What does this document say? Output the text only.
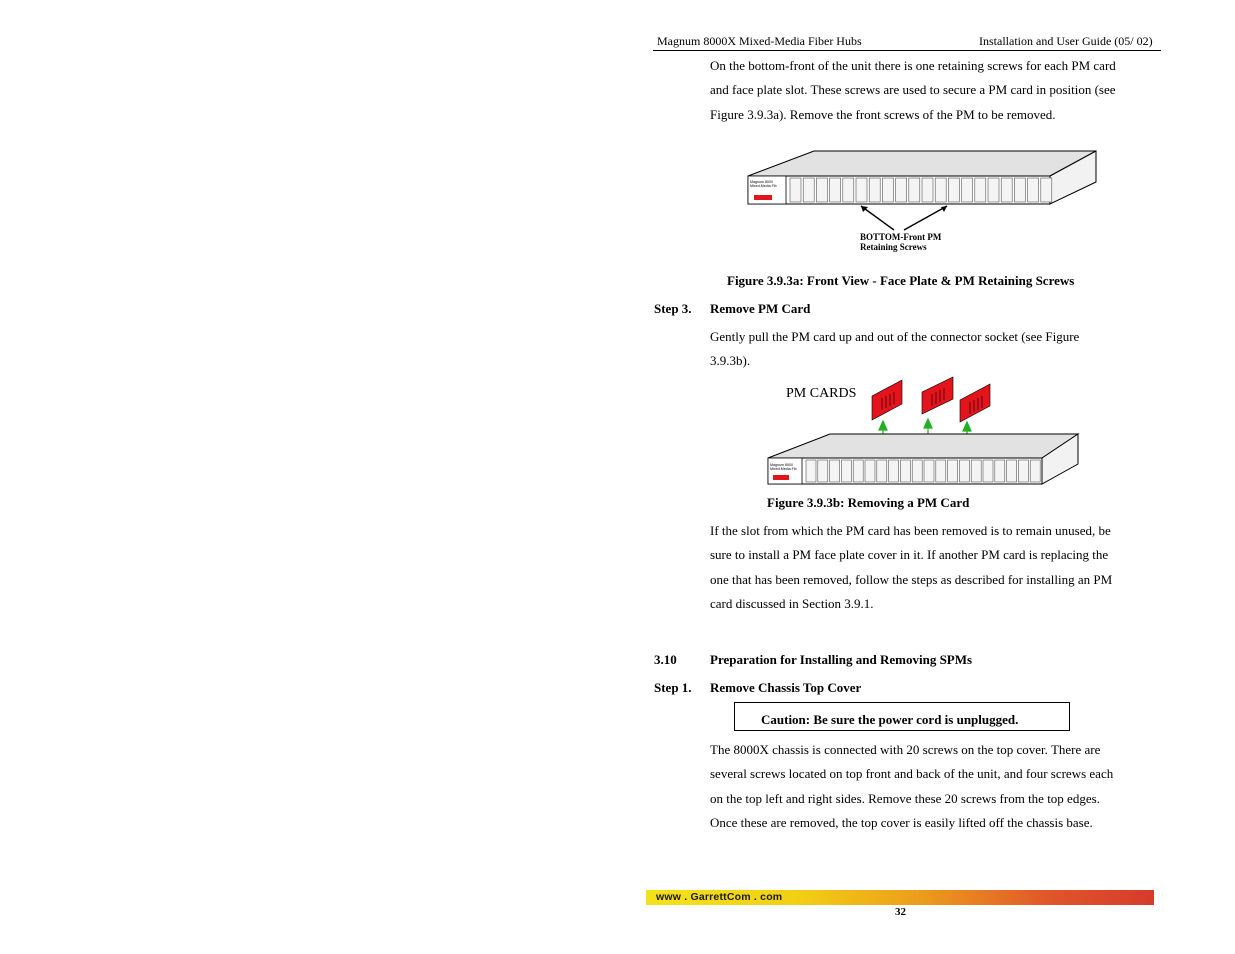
Magnum 8000X Mixed-Media Fiber Hubs	Installation and User Guide (05/ 02)
On the bottom-front of the unit there is one retaining screws for each PM card
and face plate slot. These screws are used to secure a PM card in position (see
Figure 3.9.3a). Remove the front screws of the PM to be removed.
Magnum 8000
Mixed-Media Fib
BOTTOM-Front PM
Retaining Screws
Figure 3.9.3a: Front View - Face Plate & PM Retaining Screws
Step 3. Remove PM Card
Gently pull the PM card up and out of the connector socket (see Figure
3.9.3b).
PM CARDS
Magnum 8000
Mixed-Media Fib
Figure 3.9.3b: Removing a PM Card
If the slot from which the PM card has been removed is to remain unused, be
sure to install a PM face plate cover in it. If another PM card is replacing the
one that has been removed, follow the steps as described for installing an PM
card discussed in Section 3.9.1.
3.10	Preparation for Installing and Removing SPMs
Step 1. Remove Chassis Top Cover
Caution: Be sure the power cord is unplugged.
The 8000X chassis is connected with 20 screws on the top cover. There are
several screws located on top front and back of the unit, and four screws each
on the top left and right sides. Remove these 20 screws from the top edges.
Once these are removed, the top cover is easily lifted off the chassis base.
www . GarrettCom . com
32
